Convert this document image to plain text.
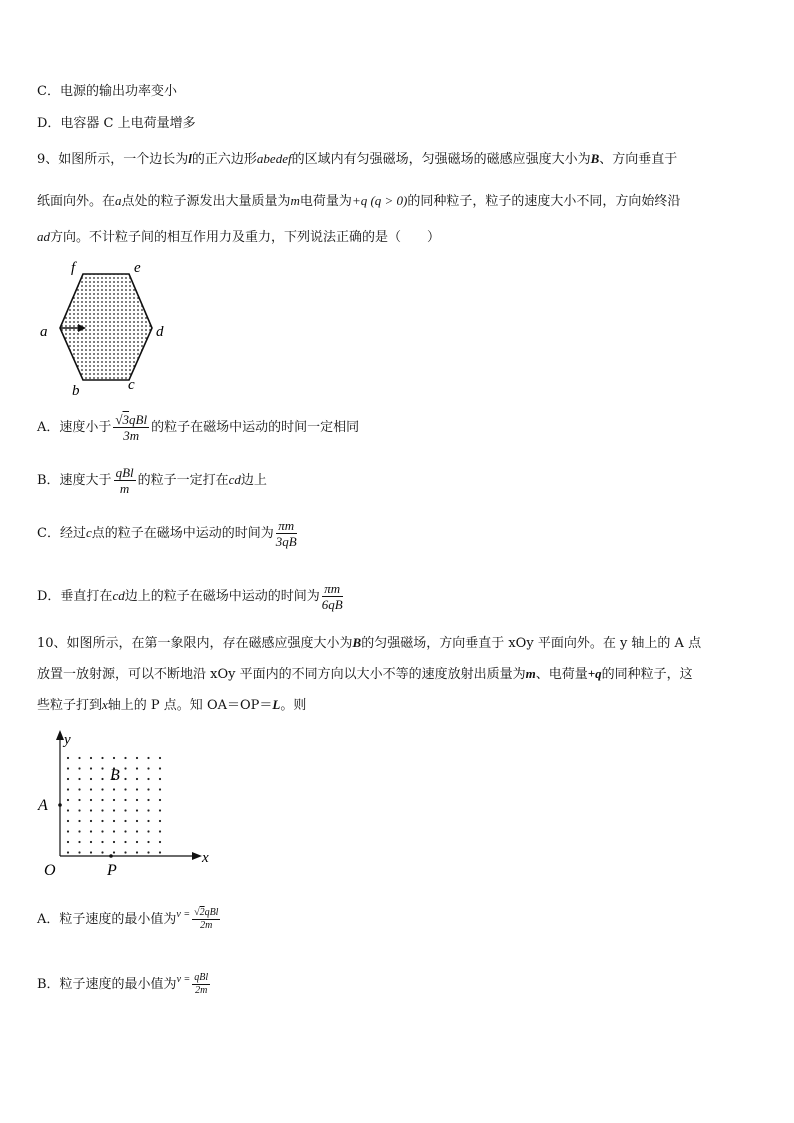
C．电源的输出功率变小
D．电容器 C 上电荷量增多
9、如图所示，一个边长为l的正六边形abedef的区域内有匀强磁场，匀强磁场的磁感应强度大小为B、方向垂直于
纸面向外。在a点处的粒子源发出大量质量为m电荷量为+q (q > 0)的同种粒子，粒子的速度大小不同，方向始终沿
ad方向。不计粒子间的相互作用力及重力，下列说法正确的是（　　）
f	e
a	d
b	c
A．速度小于 $\frac{\text{√3qBl}}{3m}$ 的粒子在磁场中运动的时间一定相同
B．速度大于 $\frac{\text{qBl}}{m}$ 的粒子一定打在cd边上
C．经过c点的粒子在磁场中运动的时间为 $\frac{\pi m}{3qB}$
D．垂直打在cd边上的粒子在磁场中运动的时间为 $\frac{\pi m}{6qB}$
10、如图所示，在第一象限内，存在磁感应强度大小为B的匀强磁场，方向垂直于 xOy 平面向外。在 y 轴上的 A 点
放置一放射源，可以不断地沿 xOy 平面内的不同方向以大小不等的速度放射出质量为m、电荷量+q的同种粒子，这
些粒子打到x轴上的 P 点。知 OA＝OP＝L。则
y
x
O	P
A
B
A．粒子速度的最小值为$^{v =} \frac{\text{√2qBl}}{2m}$
B．粒子速度的最小值为$^{v =} \frac{\text{qBl}}{2m}$
